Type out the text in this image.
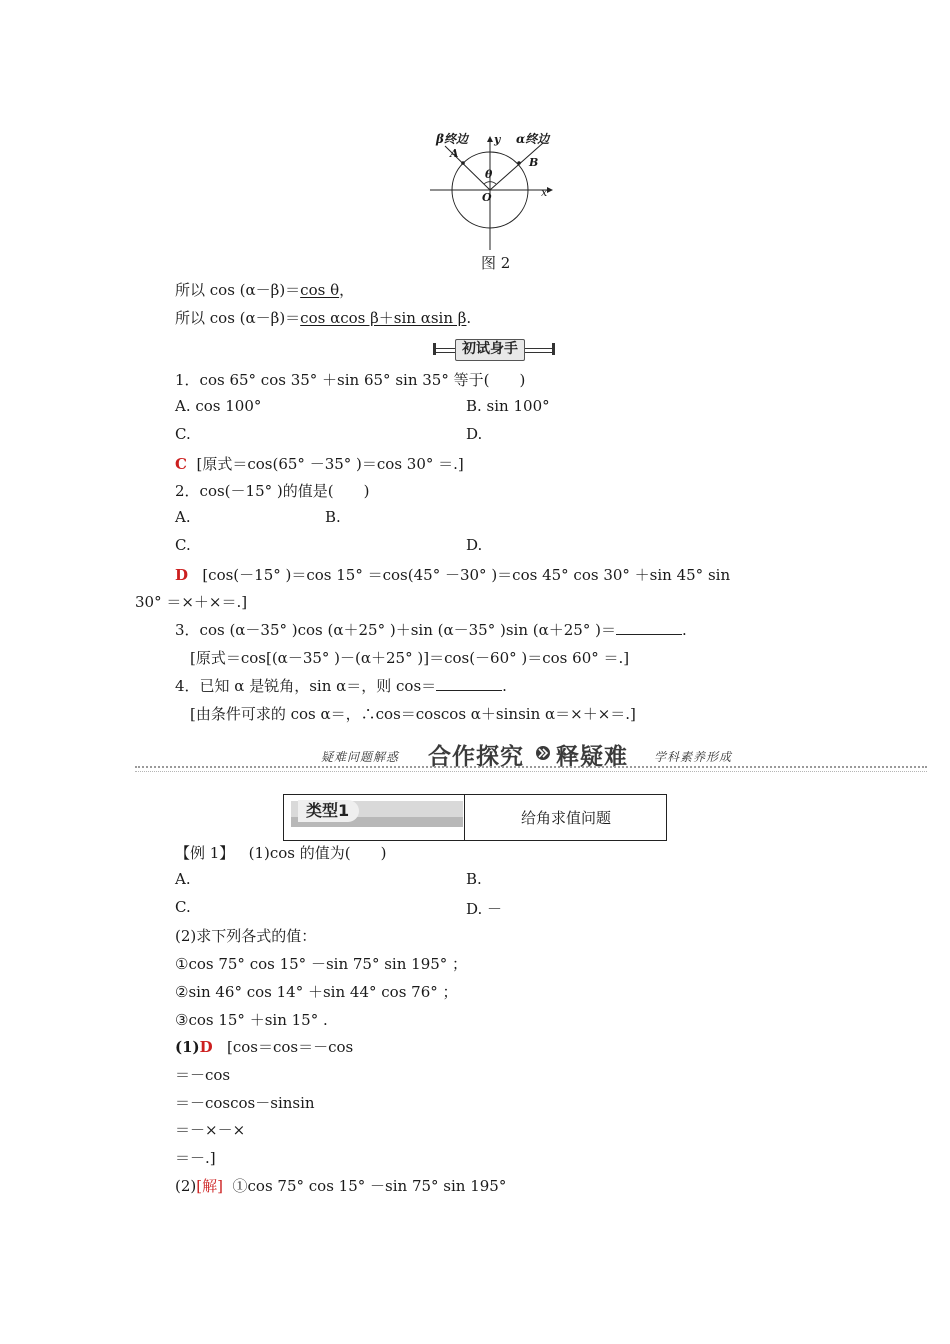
β终边	α终边
A
B
θ
O	x
y
图 2
所以 cos (α－β)＝cos θ，
所以 cos (α－β)＝cos αcos β＋sin αsin β.
初试身手
1．cos 65° cos 35° ＋sin 65° sin 35° 等于(　　)
A. cos 100°	B. sin 100°
C.	D.
C [原式＝cos(65° －35° )＝cos 30° ＝.]
2．cos(－15° )的值是(　　)
A.	B.
C.	D.
D [cos(－15° )＝cos 15° ＝cos(45° －30° )＝cos 45° cos 30° ＋sin 45° sin
30° ＝×＋×＝.]
3．cos (α－35° )cos (α＋25° )＋sin (α－35° )sin (α＋25° )＝	.
[原式＝cos[(α－35° )－(α＋25° )]＝cos(－60° )＝cos 60° ＝.]
4．已知 α 是锐角，sin α＝，则 cos＝	.
[由条件可求的 cos α＝，∴cos＝coscos α＋sinsin α＝×＋×＝.]
疑难问题解惑 合作探究 释疑难 学科素养形成
类型1	给角求值问题
【例 1】 (1)cos 的值为(　　)
A.	B.
C.	D. －
(2)求下列各式的值：
①cos 75° cos 15° －sin 75° sin 195° ；
②sin 46° cos 14° ＋sin 44° cos 76° ；
③cos 15° ＋sin 15° .
(1)D [cos＝cos＝－cos
＝－cos
＝－coscos－sinsin
＝－×－×
＝－.]
(2)[解] ①cos 75° cos 15° －sin 75° sin 195°
